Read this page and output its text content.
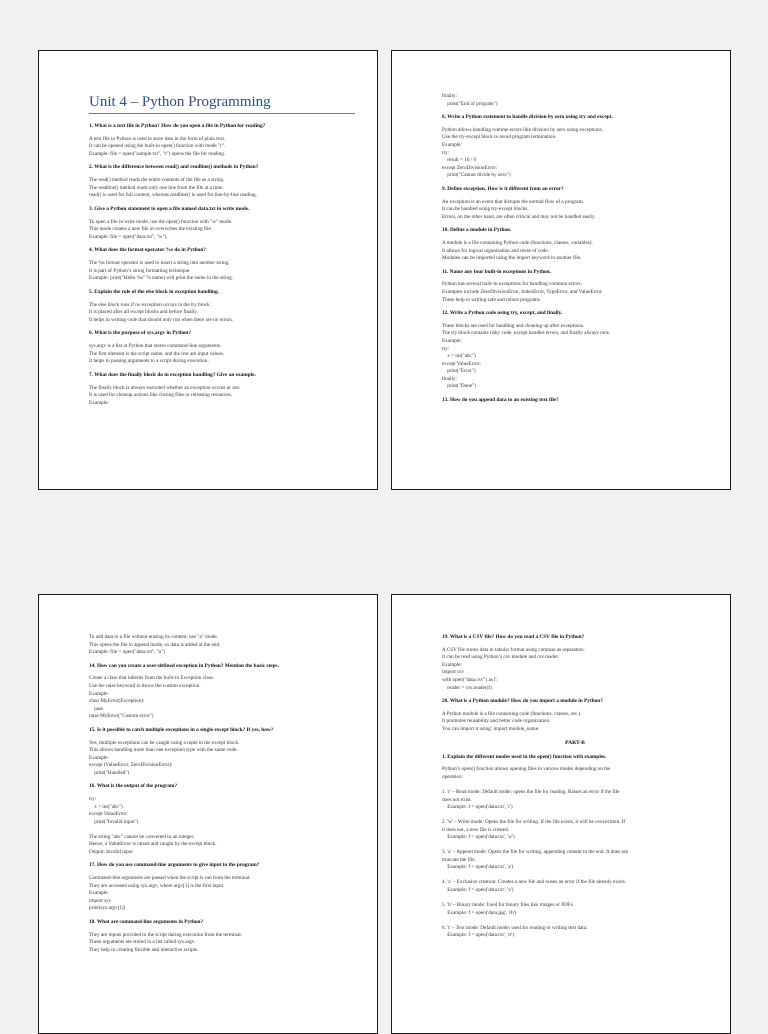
Unit 4 – Python Programming
1. What is a text file in Python? How do you open a file in Python for reading?
A text file in Python is used to store data in the form of plain text.
It can be opened using the built-in open() function with mode "r".
Example: file = open("sample.txt", "r") opens the file for reading.
2. What is the difference between read() and readline() methods in Python?
The read() method reads the entire contents of the file as a string.
The readline() method reads only one line from the file at a time.
read() is used for full content, whereas readline() is used for line-by-line reading.
3. Give a Python statement to open a file named data.txt in write mode.
To open a file in write mode, use the open() function with "w" mode.
This mode creates a new file or overwrites the existing file.
Example: file = open("data.txt", "w").
4. What does the format operator %s do in Python?
The %s format operator is used to insert a string into another string.
It is part of Python’s string formatting technique.
Example: print("Hello %s" % name) will print the name in the string.
5. Explain the role of the else block in exception handling.
The else block runs if no exception occurs in the try block.
It is placed after all except blocks and before finally.
It helps in writing code that should only run when there are no errors.
6. What is the purpose of sys.argv in Python?
sys.argv is a list in Python that stores command-line arguments.
The first element is the script name, and the rest are input values.
It helps in passing arguments to a script during execution.
7. What does the finally block do in exception handling? Give an example.
The finally block is always executed whether an exception occurs or not.
It is used for cleanup actions like closing files or releasing resources.
Example:
finally:
print("End of program")
8. Write a Python statement to handle division by zero using try and except.
Python allows handling runtime errors like division by zero using exceptions.
Use the try-except block to avoid program termination.
Example:
try:
result = 10 / 0
except ZeroDivisionError:
print("Cannot divide by zero")
9. Define exception. How is it different from an error?
An exception is an event that disrupts the normal flow of a program.
It can be handled using try-except blocks.
Errors, on the other hand, are often critical and may not be handled easily.
10. Define a module in Python.
A module is a file containing Python code (functions, classes, variables).
It allows for logical organization and reuse of code.
Modules can be imported using the import keyword in another file.
11. Name any four built-in exceptions in Python.
Python has several built-in exceptions for handling common errors.
Examples include ZeroDivisionError, IndexError, TypeError, and ValueError.
These help in writing safe and robust programs.
12. Write a Python code using try, except, and finally.
These blocks are used for handling and cleaning up after exceptions.
The try block contains risky code, except handles errors, and finally always runs.
Example:
try:
x = int("abc")
except ValueError:
print("Error")
finally:
print("Done")
13. How do you append data to an existing text file?
To add data to a file without erasing its content, use "a" mode.
This opens the file in append mode, so data is added at the end.
Example: file = open("data.txt", "a")
14. How can you create a user-defined exception in Python? Mention the basic steps.
Create a class that inherits from the built-in Exception class.
Use the raise keyword to throw the custom exception.
Example:
class MyError(Exception):
pass
raise MyError("Custom error")
15. Is it possible to catch multiple exceptions in a single except block? If yes, how?
Yes, multiple exceptions can be caught using a tuple in the except block.
This allows handling more than one exception type with the same code.
Example:
except (ValueError, ZeroDivisionError):
print("Handled")
16. What is the output of the program?
try:
x = int("abc")
except ValueError:
print("Invalid input")

The string "abc" cannot be converted to an integer.
Hence, a ValueError is raised and caught by the except block.
Output: Invalid input
17. How do you use command-line arguments to give input to the program?
Command-line arguments are passed when the script is run from the terminal.
They are accessed using sys.argv, where argv[1] is the first input.
Example:
import sys
print(sys.argv[1])
18. What are command-line arguments in Python?
They are inputs provided to the script during execution from the terminal.
These arguments are stored in a list called sys.argv.
They help in creating flexible and interactive scripts.
19. What is a CSV file? How do you read a CSV file in Python?
A CSV file stores data in tabular format using commas as separators.
It can be read using Python’s csv module and csv.reader.
Example:
import csv
with open("data.csv") as f:
reader = csv.reader(f)
20. What is a Python module? How do you import a module in Python?
A Python module is a file containing code (functions, classes, etc.).
It promotes reusability and better code organization.
You can import it using: import module_name.
PART-B
1. Explain the different modes used in the open() function with examples.
Python’s open() function allows opening files in various modes depending on the
operation:

1. 'r' – Read mode: Default mode; opens the file for reading. Raises an error if the file
does not exist.
Example: f = open('data.txt', 'r')

2. 'w' – Write mode: Opens the file for writing. If the file exists, it will be overwritten. If
it does not, a new file is created.
Example: f = open('data.txt', 'w')

3. 'a' – Append mode: Opens the file for writing, appending content to the end. It does not
truncate the file.
Example: f = open('data.txt', 'a')

4. 'x' – Exclusive creation: Creates a new file and raises an error if the file already exists.
Example: f = open('data.txt', 'x')

5. 'b' – Binary mode: Used for binary files like images or PDFs.
Example: f = open('data.jpg', 'rb')

6. 't' – Text mode: Default mode; used for reading or writing text data.
Example: f = open('data.txt', 'rt')
